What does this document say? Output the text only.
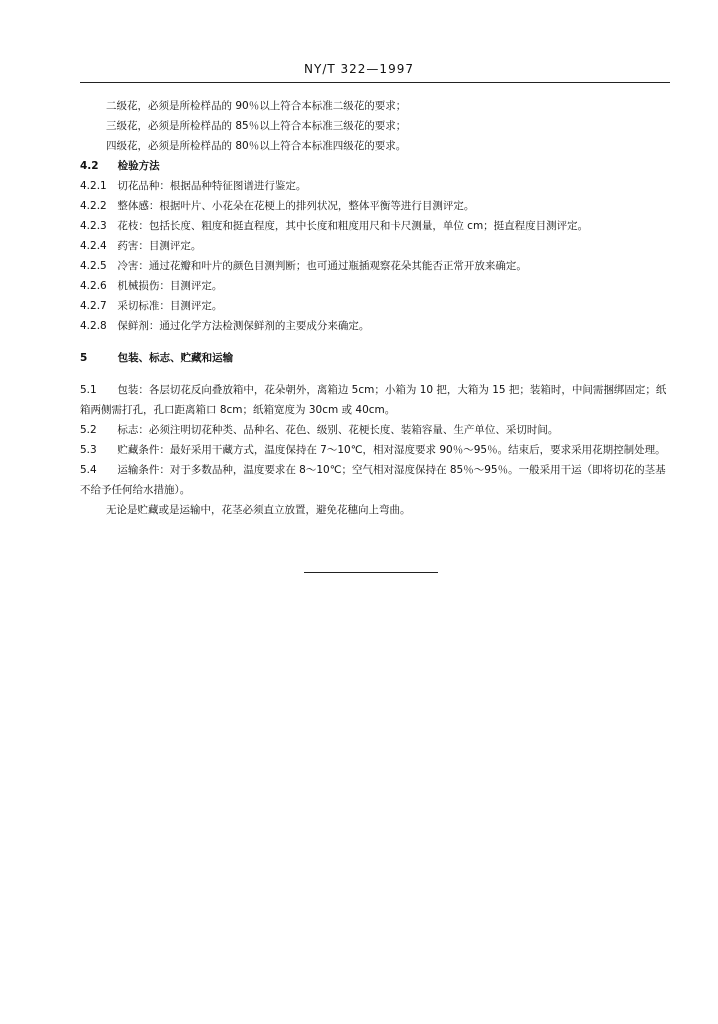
NY/T 322—1997
二级花，必须是所检样品的 90％以上符合本标准二级花的要求；
三级花，必须是所检样品的 85％以上符合本标准三级花的要求；
四级花，必须是所检样品的 80％以上符合本标准四级花的要求。
4.2 检验方法
4.2.1 切花品种：根据品种特征图谱进行鉴定。
4.2.2 整体感：根据叶片、小花朵在花梗上的排列状况，整体平衡等进行目测评定。
4.2.3 花枝：包括长度、粗度和挺直程度，其中长度和粗度用尺和卡尺测量，单位 cm；挺直程度目测评定。
4.2.4 药害：目测评定。
4.2.5 冷害：通过花瓣和叶片的颜色目测判断；也可通过瓶插观察花朵其能否正常开放来确定。
4.2.6 机械损伤：目测评定。
4.2.7 采切标准：目测评定。
4.2.8 保鲜剂：通过化学方法检测保鲜剂的主要成分来确定。
5	包装、标志、贮藏和运输
5.1 包装：各层切花反向叠放箱中，花朵朝外，离箱边 5cm；小箱为 10 把，大箱为 15 把；装箱时，中间需捆绑固定；纸箱两侧需打孔，孔口距离箱口 8cm；纸箱宽度为 30cm 或 40cm。
5.2 标志：必须注明切花种类、品种名、花色、级别、花梗长度、装箱容量、生产单位、采切时间。
5.3 贮藏条件：最好采用干藏方式，温度保持在 7～10℃，相对湿度要求 90％～95％。结束后，要求采用花期控制处理。
5.4 运输条件：对于多数品种，温度要求在 8～10℃；空气相对湿度保持在 85％～95％。一般采用干运（即将切花的茎基不给予任何给水措施）。
无论是贮藏或是运输中，花茎必须直立放置，避免花穗向上弯曲。
